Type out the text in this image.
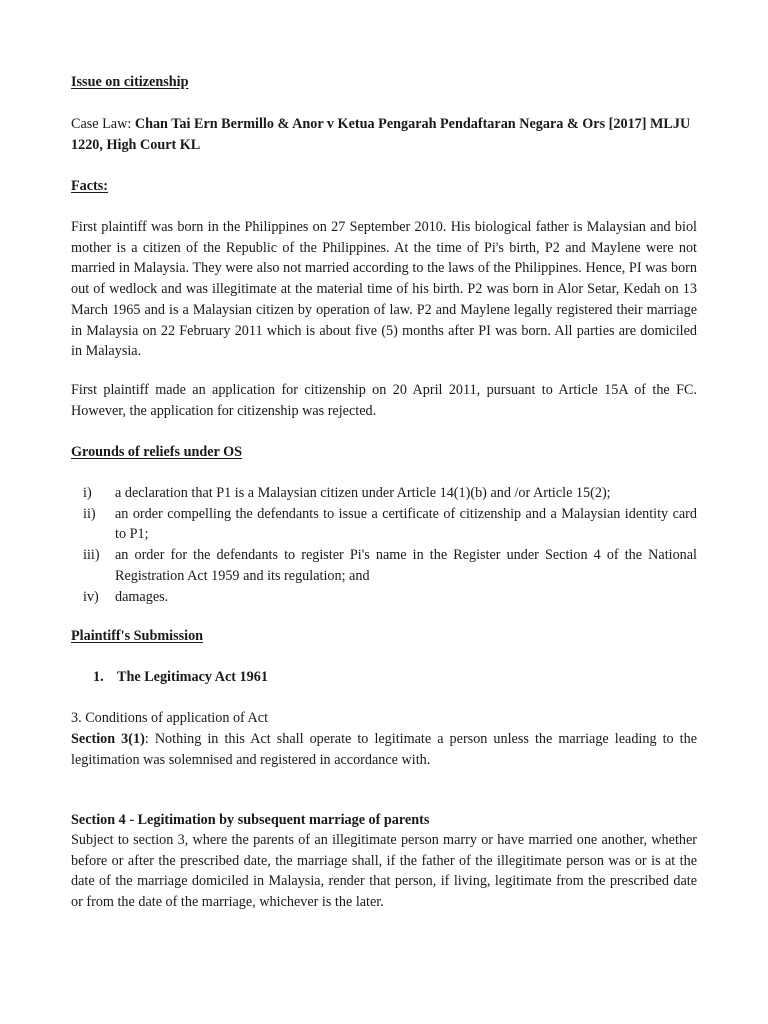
Issue on citizenship
Case Law: Chan Tai Ern Bermillo & Anor v Ketua Pengarah Pendaftaran Negara & Ors [2017] MLJU 1220, High Court KL
Facts:
First plaintiff was born in the Philippines on 27 September 2010. His biological father is Malaysian and biol mother is a citizen of the Republic of the Philippines. At the time of Pi's birth, P2 and Maylene were not married in Malaysia. They were also not married according to the laws of the Philippines. Hence, PI was born out of wedlock and was illegitimate at the material time of his birth. P2 was born in Alor Setar, Kedah on 13 March 1965 and is a Malaysian citizen by operation of law. P2 and Maylene legally registered their marriage in Malaysia on 22 February 2011 which is about five (5) months after PI was born. All parties are domiciled in Malaysia.
First plaintiff made an application for citizenship on 20 April 2011, pursuant to Article 15A of the FC. However, the application for citizenship was rejected.
Grounds of reliefs under OS
i) a declaration that P1 is a Malaysian citizen under Article 14(1)(b) and /or Article 15(2);
ii) an order compelling the defendants to issue a certificate of citizenship and a Malaysian identity card to P1;
iii) an order for the defendants to register Pi's name in the Register under Section 4 of the National Registration Act 1959 and its regulation; and
iv) damages.
Plaintiff's Submission
1. The Legitimacy Act 1961
3. Conditions of application of Act
Section 3(1): Nothing in this Act shall operate to legitimate a person unless the marriage leading to the legitimation was solemnised and registered in accordance with.
Section 4 - Legitimation by subsequent marriage of parents
Subject to section 3, where the parents of an illegitimate person marry or have married one another, whether before or after the prescribed date, the marriage shall, if the father of the illegitimate person was or is at the date of the marriage domiciled in Malaysia, render that person, if living, legitimate from the prescribed date or from the date of the marriage, whichever is the later.
